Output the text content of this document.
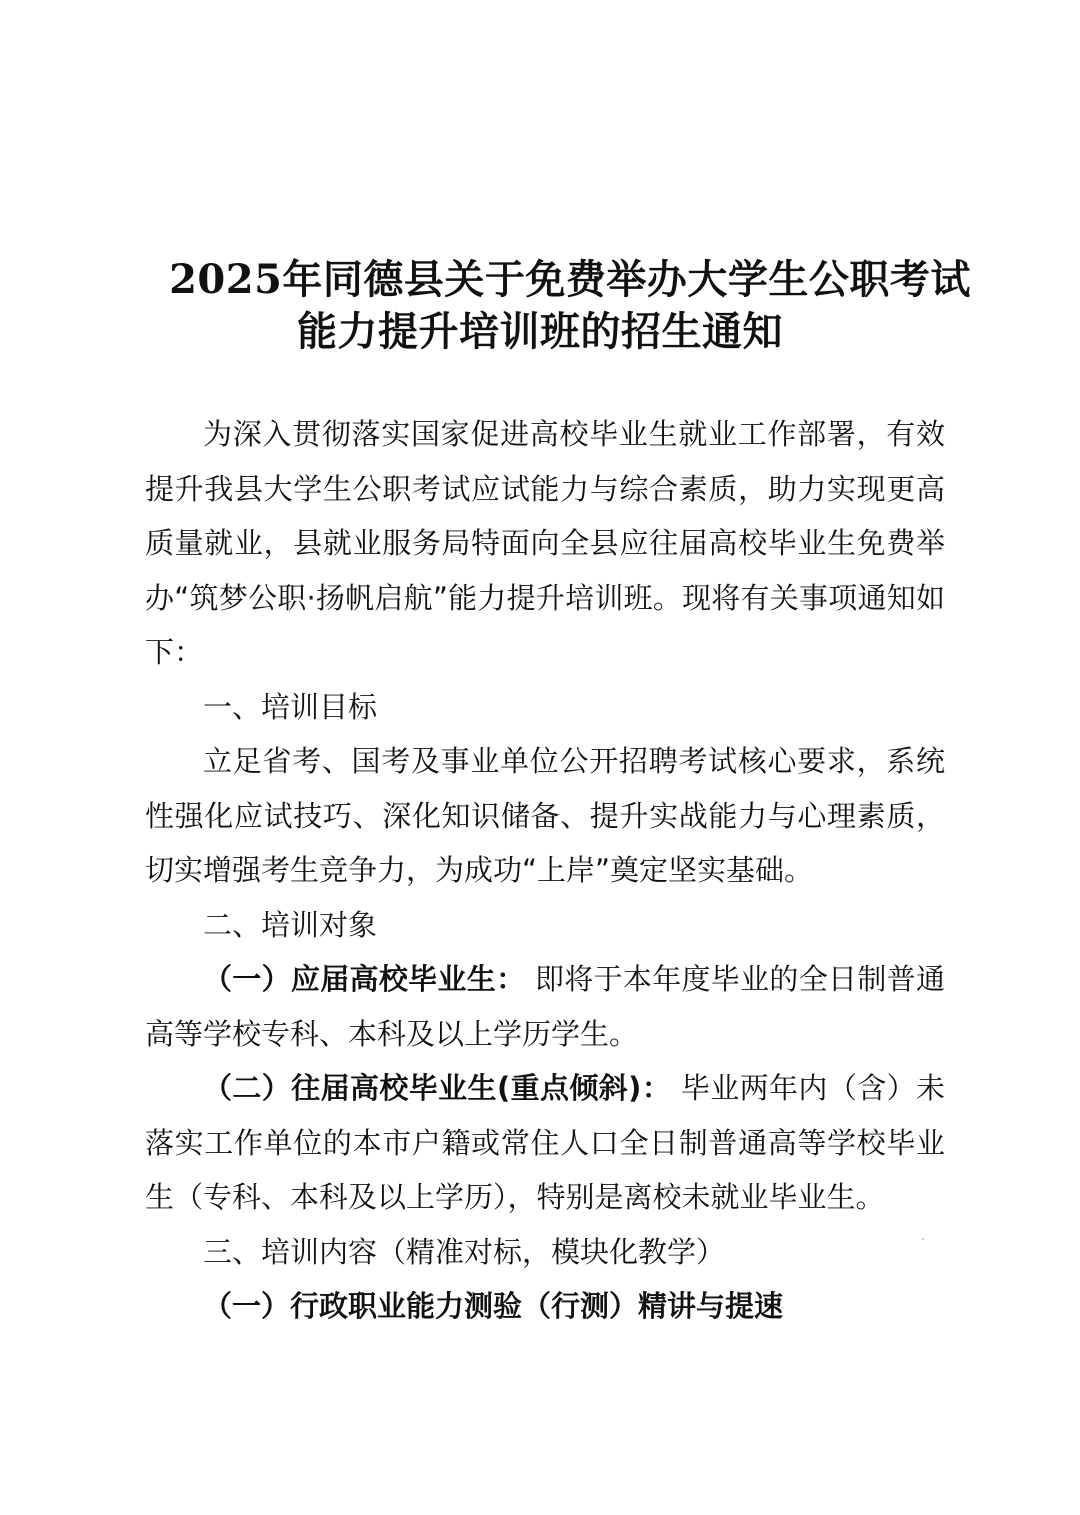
2025年同德县关于免费举办大学生公职考试
能力提升培训班的招生通知

为深入贯彻落实国家促进高校毕业生就业工作部署，有效提升我县大学生公职考试应试能力与综合素质，助力实现更高质量就业，县就业服务局特面向全县应往届高校毕业生免费举办“筑梦公职·扬帆启航”能力提升培训班。现将有关事项通知如下：

一、培训目标

立足省考、国考及事业单位公开招聘考试核心要求，系统性强化应试技巧、深化知识储备、提升实战能力与心理素质，切实增强考生竞争力，为成功“上岸”奠定坚实基础。

二、培训对象

（一）应届高校毕业生： 即将于本年度毕业的全日制普通高等学校专科、本科及以上学历学生。

（二）往届高校毕业生(重点倾斜)： 毕业两年内（含）未落实工作单位的本市户籍或常住人口全日制普通高等学校毕业生（专科、本科及以上学历），特别是离校未就业毕业生。

三、培训内容（精准对标，模块化教学）

（一）行政职业能力测验（行测）精讲与提速
